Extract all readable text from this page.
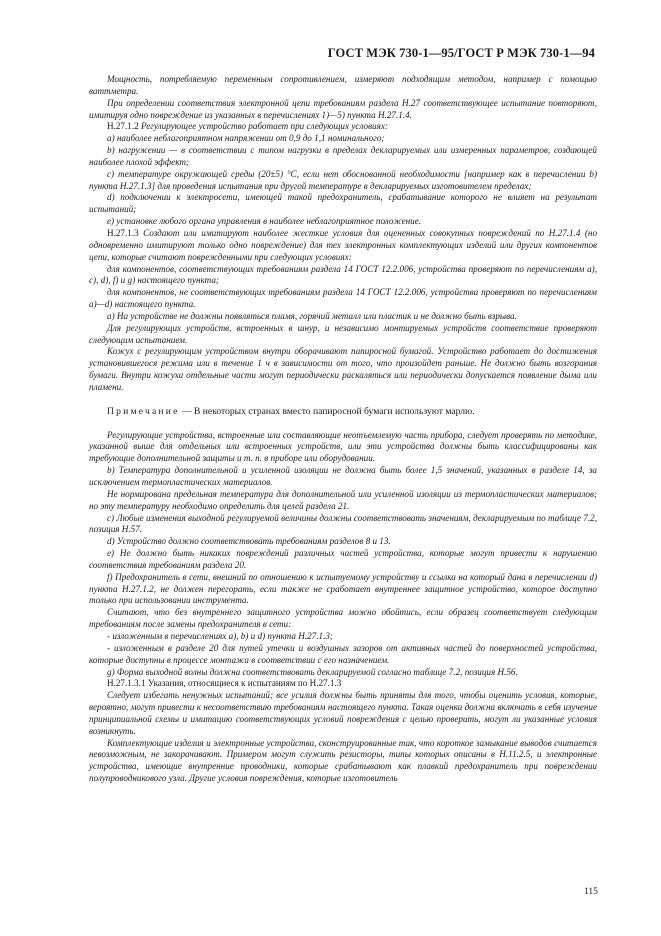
ГОСТ МЭК 730-1—95/ГОСТ Р МЭК 730-1—94

Мощность, потребляемую переменным сопротивлением, измеряют подходящим методом, например с помощью ваттметра.

При определении соответствия электронной цепи требованиям раздела Н.27 соответствующее испытание повторяют, имитируя одно повреждение из указанных в перечислениях 1)—5) пункта Н.27.1.4.

Н.27.1.2 Регулирующее устройство работает при следующих условиях:

а) наиболее неблагоприятном напряжении от 0,9 до 1,1 номинального;

b) нагружении — в соответствии с типом нагрузки в пределах декларируемых или измеренных параметров, создающей наиболее плохой эффект;

с) температуре окружающей среды (20±5) °С, если нет обоснованной необходимости [например как в перечислении b) пункта Н.27.1.3] для проведения испытания при другой температуре в декларируемых изготовителем пределах;

d) подключении к электросети, имеющей такой предохранитель, срабатывание которого не влияет на результат испытаний;

е) установке любого органа управления в наиболее неблагоприятное положение.

Н.27.1.3 Создают или имитируют наиболее жесткие условия для оцененных совокупных повреждений по Н.27.1.4 (но одновременно имитируют только одно повреждение) для тех электронных комплектующих изделий или других компонентов цепи, которые считают поврежденными при следующих условиях:

для компонентов, соответствующих требованиям раздела 14 ГОСТ 12.2.006, устройства проверяют по перечислениям а), с), d), f) и g) настоящего пункта;

для компонентов, не соответствующих требованиям раздела 14 ГОСТ 12.2.006, устройства проверяют по перечислениям а)—d) настоящего пункта.

а) На устройстве не должны появляться пламя, горячий металл или пластик и не должно быть взрыва.

Для регулирующих устройств, встроенных в шнур, и независимо монтируемых устройств соответствие проверяют следующим испытанием.

Кожух с регулирующим устройством внутри оборачивают папиросной бумагой. Устройство работает до достижения установившегося режима или в течение 1 ч в зависимости от того, что произойдет раньше. Не должно быть возгорания бумаги. Внутри кожуха отдельные части могут периодически раскаляться или периодически допускается появление дыма или пламени.

Примечание — В некоторых странах вместо папиросной бумаги используют марлю.

Регулирующие устройства, встроенные или составляющие неотъемлемую часть прибора, следует проверять по методике, указанной выше для отдельных или встроенных устройств, или эти устройства должны быть классифицированы как требующие дополнительной защиты и т. п. в приборе или оборудовании.

b) Температура дополнительной и усиленной изоляции не должна быть более 1,5 значений, указанных в разделе 14, за исключением термопластических материалов.

Не нормирована предельная температура для дополнительной или усиленной изоляции из термопластических материалов; но эту температуру необходимо определить для целей раздела 21.

с) Любые изменения выходной регулируемой величины должны соответствовать значениям, декларируемым по таблице 7.2, позиция Н.57.

d) Устройство должно соответствовать требованиям разделов 8 и 13.

е) Не должно быть никаких повреждений различных частей устройства, которые могут привести к нарушению соответствия требованиям раздела 20.

f) Предохранитель в сети, внешний по отношению к испытуемому устройству и ссылка на который дана в перечислении d) пункта Н.27.1.2, не должен перегорать, если также не сработает внутреннее защитное устройство, которое доступно только при использовании инструмента.

Считают, что без внутреннего защитного устройства можно обойтись, если образец соответствует следующим требованиям после замены предохранителя в сети:

- изложенным в перечислениях а), b) и d) пункта Н.27.1.3;

- изложенным в разделе 20 для путей утечки и воздушных зазоров от активных частей до поверхностей устройства, которые доступны в процессе монтажа в соответствии с его назначением.

g) Форма выходной волны должна соответствовать декларируемой согласно таблице 7.2, позиция Н.56.

Н.27.1.3.1 Указания, относящиеся к испытаниям по Н.27.1.3

Следует избегать ненужных испытаний; все усилия должны быть приняты для того, чтобы оценить условия, которые, вероятно, могут привести к несоответствию требованиям настоящего пункта. Такая оценка должна включать в себя изучение принципиальной схемы и имитацию соответствующих условий повреждения с целью проверить, могут ли указанные условия возникнуть.

Комплектующие изделия и электронные устройства, сконструированные так, что короткое замыкание выводов считается невозможным, не закорачивают. Примером могут служить резисторы, типы которых описаны в Н.11.2.5, и электронные устройства, имеющие внутренние проводники, которые срабатывают как плавкий предохранитель при повреждении полупроводникового узла. Другие условия повреждения, которые изготовитель

115
